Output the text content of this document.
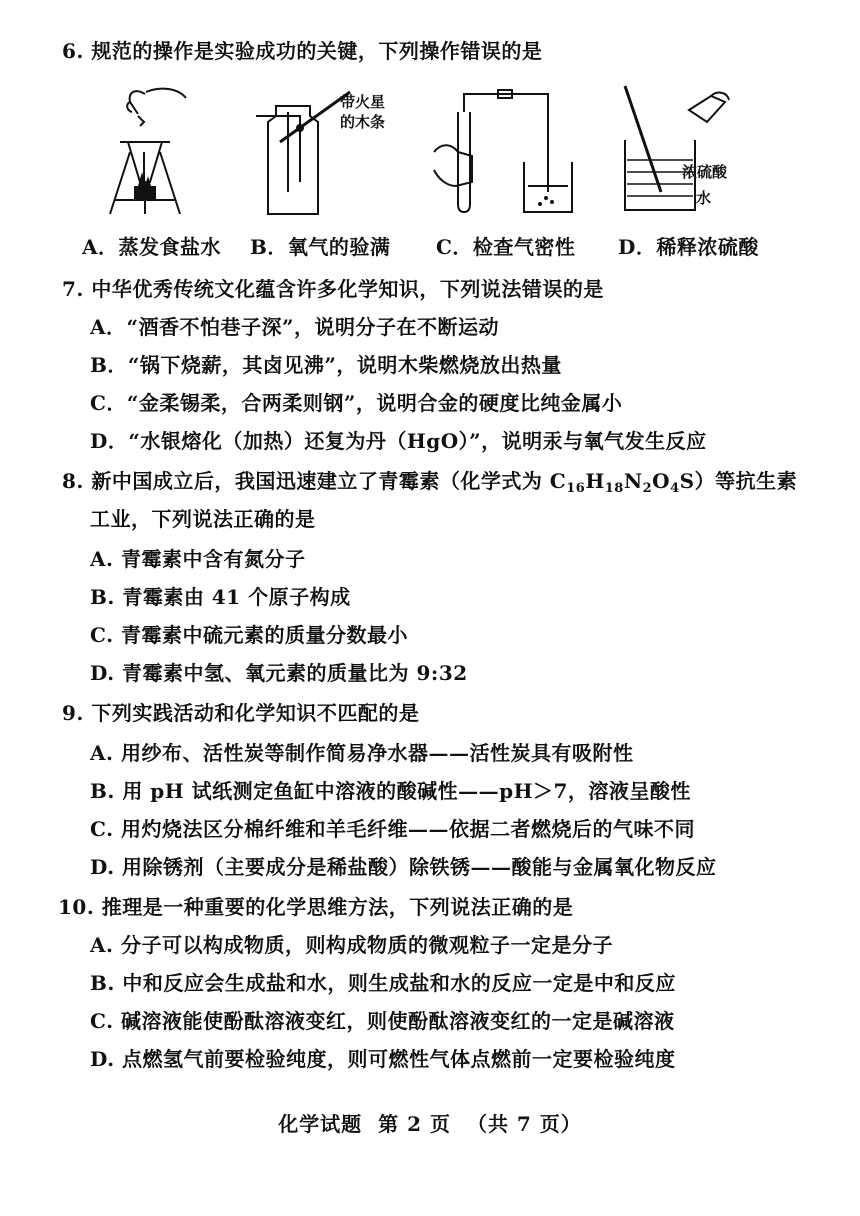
6. 规范的操作是实验成功的关键，下列操作错误的是
带火星
的木条
浓硫酸
水
A．蒸发食盐水 B．氧气的验满 C．检查气密性 D．稀释浓硫酸
7. 中华优秀传统文化蕴含许多化学知识，下列说法错误的是
A．“酒香不怕巷子深”，说明分子在不断运动
B．“锅下烧薪，其卤见沸”，说明木柴燃烧放出热量
C．“金柔锡柔，合两柔则钢”，说明合金的硬度比纯金属小
D．“水银熔化（加热）还复为丹（HgO）”，说明汞与氧气发生反应
8. 新中国成立后，我国迅速建立了青霉素（化学式为 $C_{16}H_{18}N_2O_4S$）等抗生素
工业，下列说法正确的是
A. 青霉素中含有氮分子
B. 青霉素由 41 个原子构成
C. 青霉素中硫元素的质量分数最小
D. 青霉素中氢、氧元素的质量比为 9:32
9. 下列实践活动和化学知识不匹配的是
A. 用纱布、活性炭等制作简易净水器——活性炭具有吸附性
B. 用 pH 试纸测定鱼缸中溶液的酸碱性——pH＞7，溶液呈酸性
C. 用灼烧法区分棉纤维和羊毛纤维——依据二者燃烧后的气味不同
D. 用除锈剂（主要成分是稀盐酸）除铁锈——酸能与金属氧化物反应
10. 推理是一种重要的化学思维方法，下列说法正确的是
A. 分子可以构成物质，则构成物质的微观粒子一定是分子
B. 中和反应会生成盐和水，则生成盐和水的反应一定是中和反应
C. 碱溶液能使酚酞溶液变红，则使酚酞溶液变红的一定是碱溶液
D. 点燃氢气前要检验纯度，则可燃性气体点燃前一定要检验纯度
化学试题 第 2 页 （共 7 页）
